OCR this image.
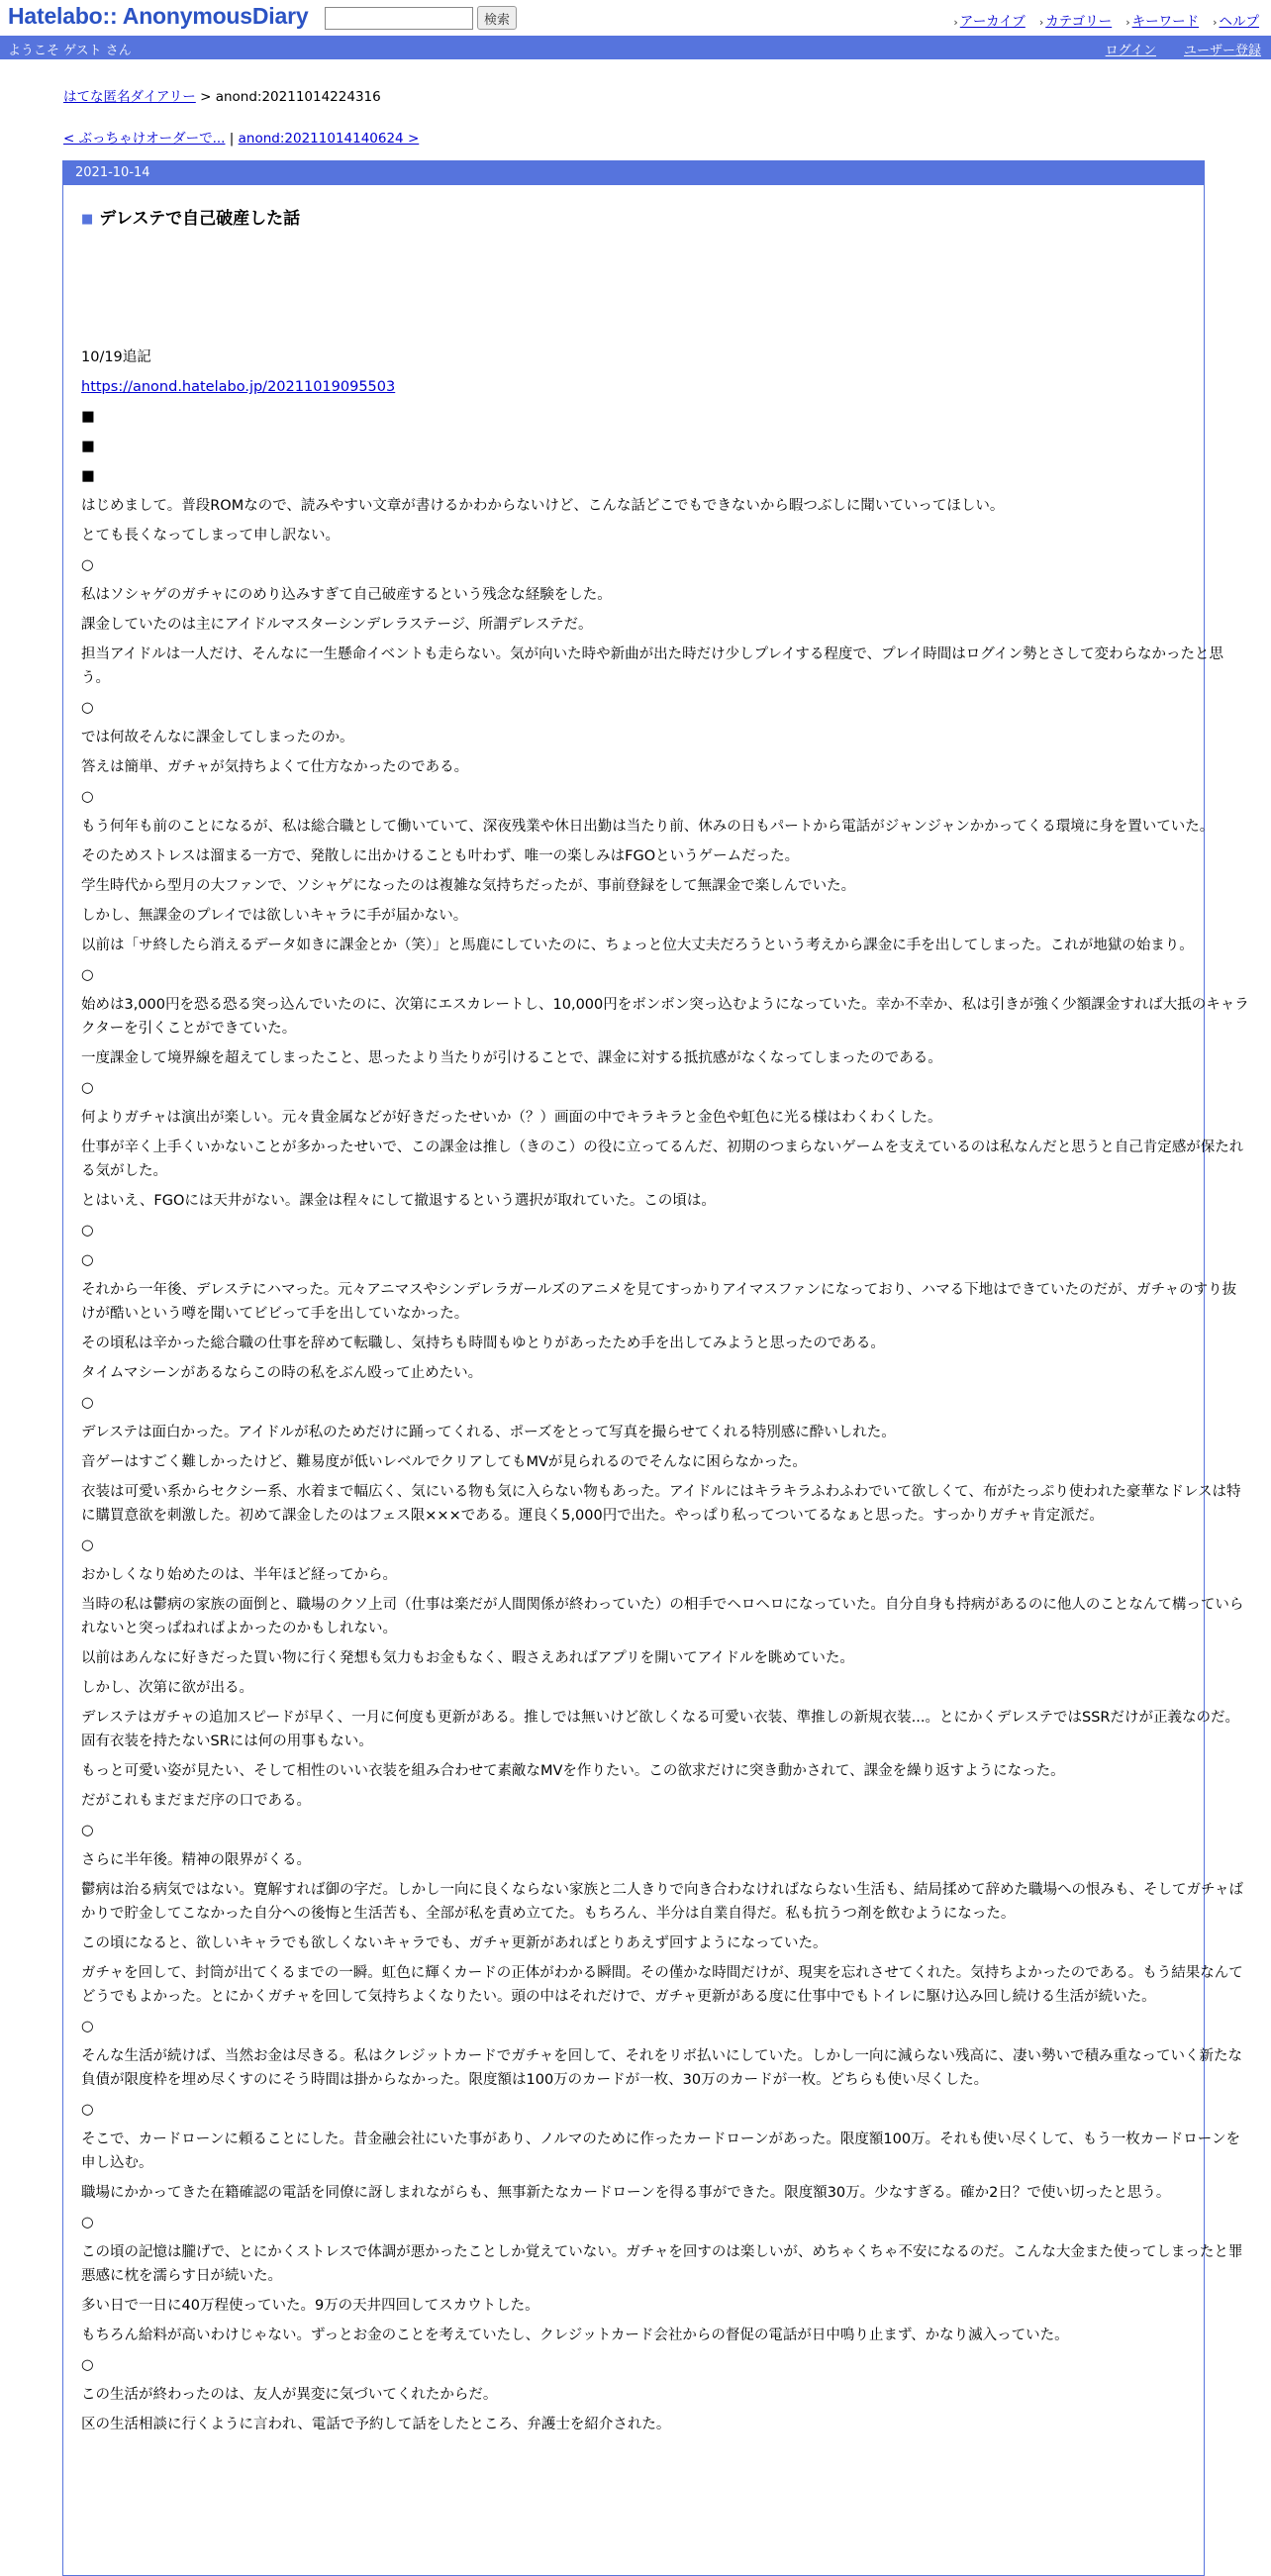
Hatelabo:: AnonymousDiary	検索	› アーカイブ › カテゴリー › キーワード › ヘルプ
ようこそ ゲスト さん	ログイン ユーザー登録
はてな匿名ダイアリー > anond:20211014224316
< ぶっちゃけオーダーで... | anond:20211014140624 >
2021-10-14
■ デレステで自己破産した話

10/19追記

https://anond.hatelabo.jp/20211019095503

■

■

■

はじめまして。普段ROMなので、読みやすい文章が書けるかわからないけど、こんな話どこでもできないから暇つぶしに聞いていってほしい。

とても長くなってしまって申し訳ない。

○

私はソシャゲのガチャにのめり込みすぎて自己破産するという残念な経験をした。

課金していたのは主にアイドルマスターシンデレラステージ、所謂デレステだ。

担当アイドルは一人だけ、そんなに一生懸命イベントも走らない。気が向いた時や新曲が出た時だけ少しプレイする程度で、プレイ時間はログイン勢とさして変わらなかったと思う。

○

では何故そんなに課金してしまったのか。

答えは簡単、ガチャが気持ちよくて仕方なかったのである。

○

もう何年も前のことになるが、私は総合職として働いていて、深夜残業や休日出勤は当たり前、休みの日もパートから電話がジャンジャンかかってくる環境に身を置いていた。

そのためストレスは溜まる一方で、発散しに出かけることも叶わず、唯一の楽しみはFGOというゲームだった。

学生時代から型月の大ファンで、ソシャゲになったのは複雑な気持ちだったが、事前登録をして無課金で楽しんでいた。

しかし、無課金のプレイでは欲しいキャラに手が届かない。

以前は「サ終したら消えるデータ如きに課金とか（笑）」と馬鹿にしていたのに、ちょっと位大丈夫だろうという考えから課金に手を出してしまった。これが地獄の始まり。

○

始めは3,000円を恐る恐る突っ込んでいたのに、次第にエスカレートし、10,000円をボンボン突っ込むようになっていた。幸か不幸か、私は引きが強く少額課金すれば大抵のキャラクターを引くことができていた。

一度課金して境界線を超えてしまったこと、思ったより当たりが引けることで、課金に対する抵抗感がなくなってしまったのである。

○

何よりガチャは演出が楽しい。元々貴金属などが好きだったせいか（？）画面の中でキラキラと金色や虹色に光る様はわくわくした。

仕事が辛く上手くいかないことが多かったせいで、この課金は推し（きのこ）の役に立ってるんだ、初期のつまらないゲームを支えているのは私なんだと思うと自己肯定感が保たれる気がした。

とはいえ、FGOには天井がない。課金は程々にして撤退するという選択が取れていた。この頃は。

○

○

それから一年後、デレステにハマった。元々アニマスやシンデレラガールズのアニメを見てすっかりアイマスファンになっており、ハマる下地はできていたのだが、ガチャのすり抜けが酷いという噂を聞いてビビって手を出していなかった。

その頃私は辛かった総合職の仕事を辞めて転職し、気持ちも時間もゆとりがあったため手を出してみようと思ったのである。

タイムマシーンがあるならこの時の私をぶん殴って止めたい。

○

デレステは面白かった。アイドルが私のためだけに踊ってくれる、ポーズをとって写真を撮らせてくれる特別感に酔いしれた。

音ゲーはすごく難しかったけど、難易度が低いレベルでクリアしてもMVが見られるのでそんなに困らなかった。

衣装は可愛い系からセクシー系、水着まで幅広く、気にいる物も気に入らない物もあった。アイドルにはキラキラふわふわでいて欲しくて、布がたっぷり使われた豪華なドレスは特に購買意欲を刺激した。初めて課金したのはフェス限×××である。運良く5,000円で出た。やっぱり私ってついてるなぁと思った。すっかりガチャ肯定派だ。

○

おかしくなり始めたのは、半年ほど経ってから。

当時の私は鬱病の家族の面倒と、職場のクソ上司（仕事は楽だが人間関係が終わっていた）の相手でヘロヘロになっていた。自分自身も持病があるのに他人のことなんて構っていられないと突っぱねればよかったのかもしれない。

以前はあんなに好きだった買い物に行く発想も気力もお金もなく、暇さえあればアプリを開いてアイドルを眺めていた。

しかし、次第に欲が出る。

デレステはガチャの追加スピードが早く、一月に何度も更新がある。推しでは無いけど欲しくなる可愛い衣装、準推しの新規衣装...。とにかくデレステではSSRだけが正義なのだ。固有衣装を持たないSRには何の用事もない。

もっと可愛い姿が見たい、そして相性のいい衣装を組み合わせて素敵なMVを作りたい。この欲求だけに突き動かされて、課金を繰り返すようになった。

だがこれもまだまだ序の口である。

○

さらに半年後。精神の限界がくる。

鬱病は治る病気ではない。寛解すれば御の字だ。しかし一向に良くならない家族と二人きりで向き合わなければならない生活も、結局揉めて辞めた職場への恨みも、そしてガチャばかりで貯金してこなかった自分への後悔と生活苦も、全部が私を責め立てた。もちろん、半分は自業自得だ。私も抗うつ剤を飲むようになった。

この頃になると、欲しいキャラでも欲しくないキャラでも、ガチャ更新があればとりあえず回すようになっていた。

ガチャを回して、封筒が出てくるまでの一瞬。虹色に輝くカードの正体がわかる瞬間。その僅かな時間だけが、現実を忘れさせてくれた。気持ちよかったのである。もう結果なんてどうでもよかった。とにかくガチャを回して気持ちよくなりたい。頭の中はそれだけで、ガチャ更新がある度に仕事中でもトイレに駆け込み回し続ける生活が続いた。

○

そんな生活が続けば、当然お金は尽きる。私はクレジットカードでガチャを回して、それをリボ払いにしていた。しかし一向に減らない残高に、凄い勢いで積み重なっていく新たな負債が限度枠を埋め尽くすのにそう時間は掛からなかった。限度額は100万のカードが一枚、30万のカードが一枚。どちらも使い尽くした。

○

そこで、カードローンに頼ることにした。昔金融会社にいた事があり、ノルマのために作ったカードローンがあった。限度額100万。それも使い尽くして、もう一枚カードローンを申し込む。

職場にかかってきた在籍確認の電話を同僚に訝しまれながらも、無事新たなカードローンを得る事ができた。限度額30万。少なすぎる。確か2日？で使い切ったと思う。

○

この頃の記憶は朧げで、とにかくストレスで体調が悪かったことしか覚えていない。ガチャを回すのは楽しいが、めちゃくちゃ不安になるのだ。こんな大金また使ってしまったと罪悪感に枕を濡らす日が続いた。

多い日で一日に40万程使っていた。9万の天井四回してスカウトした。

もちろん給料が高いわけじゃない。ずっとお金のことを考えていたし、クレジットカード会社からの督促の電話が日中鳴り止まず、かなり滅入っていた。

○

この生活が終わったのは、友人が異変に気づいてくれたからだ。

区の生活相談に行くように言われ、電話で予約して話をしたところ、弁護士を紹介された。
